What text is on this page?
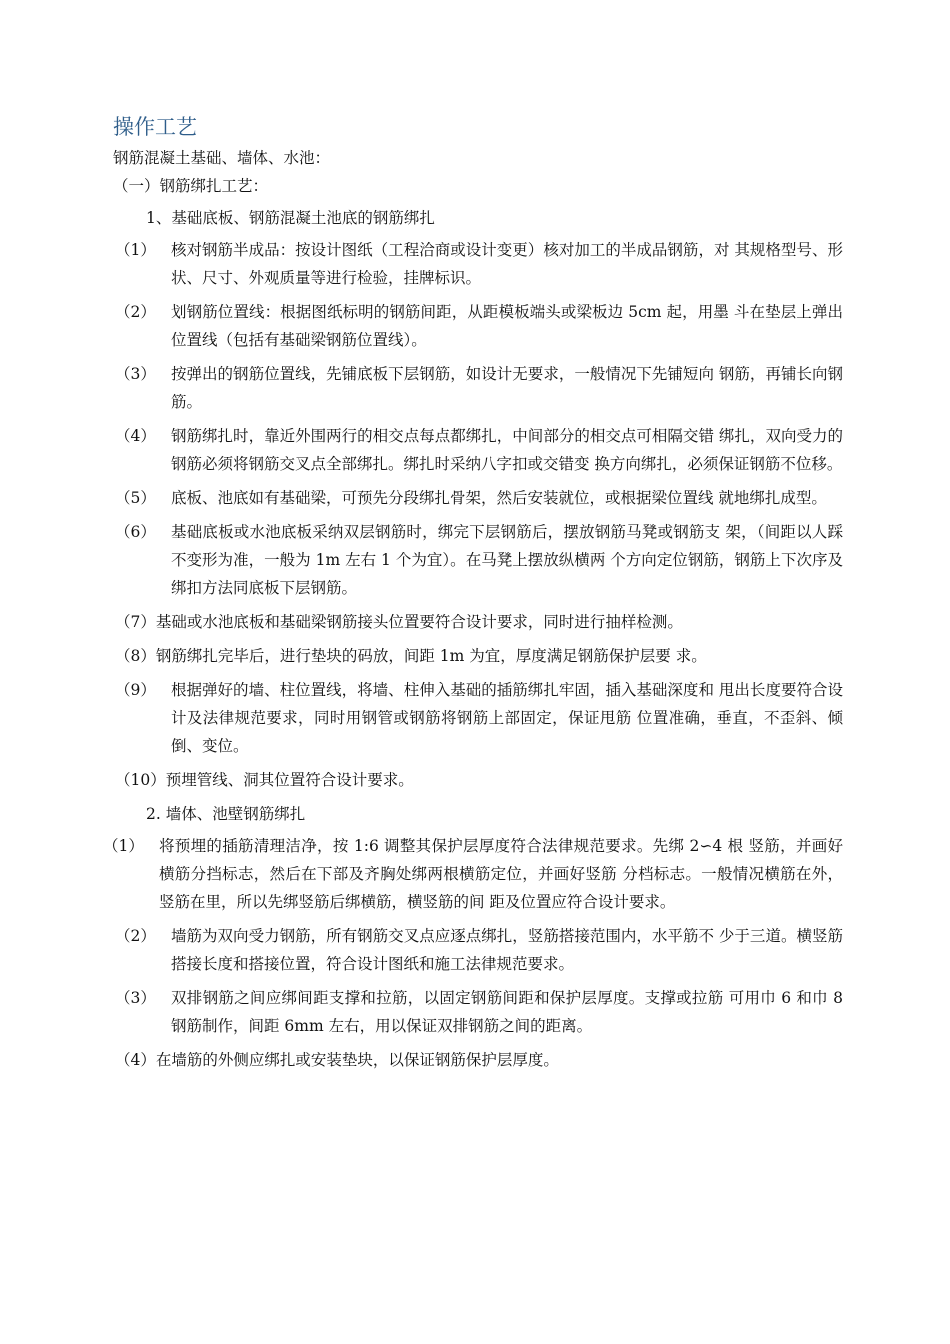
操作工艺
钢筋混凝土基础、墙体、水池：
（一）钢筋绑扎工艺：
1、基础底板、钢筋混凝土池底的钢筋绑扎
（1） 核对钢筋半成品：按设计图纸（工程洽商或设计变更）核对加工的半成品钢筋，对 其规格型号、形状、尺寸、外观质量等进行检验，挂牌标识。
（2） 划钢筋位置线：根据图纸标明的钢筋间距，从距模板端头或梁板边 5cm 起，用墨 斗在垫层上弹出位置线（包括有基础梁钢筋位置线）。
（3） 按弹出的钢筋位置线，先铺底板下层钢筋，如设计无要求，一般情况下先铺短向 钢筋，再铺长向钢筋。
（4） 钢筋绑扎时，靠近外围两行的相交点每点都绑扎，中间部分的相交点可相隔交错 绑扎，双向受力的钢筋必须将钢筋交叉点全部绑扎。绑扎时采纳八字扣或交错变 换方向绑扎，必须保证钢筋不位移。
（5） 底板、池底如有基础梁，可预先分段绑扎骨架，然后安装就位，或根据梁位置线 就地绑扎成型。
（6） 基础底板或水池底板采纳双层钢筋时，绑完下层钢筋后，摆放钢筋马凳或钢筋支 架，（间距以人踩不变形为准，一般为 1m 左右 1 个为宜）。在马凳上摆放纵横两 个方向定位钢筋，钢筋上下次序及绑扣方法同底板下层钢筋。
（7） 基础或水池底板和基础梁钢筋接头位置要符合设计要求，同时进行抽样检测。
（8） 钢筋绑扎完毕后，进行垫块的码放，间距 1m 为宜，厚度满足钢筋保护层要 求。
（9） 根据弹好的墙、柱位置线，将墙、柱伸入基础的插筋绑扎牢固，插入基础深度和 甩出长度要符合设计及法律规范要求，同时用钢管或钢筋将钢筋上部固定，保证甩筋 位置准确，垂直，不歪斜、倾倒、变位。
（10） 预埋管线、洞其位置符合设计要求。
2. 墙体、池壁钢筋绑扎
（1） 将预埋的插筋清理洁净，按 1:6 调整其保护层厚度符合法律规范要求。先绑 2∽4 根 竖筋，并画好横筋分挡标志，然后在下部及齐胸处绑两根横筋定位，并画好竖筋 分档标志。一般情况横筋在外，竖筋在里，所以先绑竖筋后绑横筋，横竖筋的间 距及位置应符合设计要求。
（2） 墙筋为双向受力钢筋，所有钢筋交叉点应逐点绑扎，竖筋搭接范围内，水平筋不 少于三道。横竖筋搭接长度和搭接位置，符合设计图纸和施工法律规范要求。
（3） 双排钢筋之间应绑间距支撑和拉筋，以固定钢筋间距和保护层厚度。支撑或拉筋 可用巾 6 和巾 8 钢筋制作，间距 6mm 左右，用以保证双排钢筋之间的距离。
（4） 在墙筋的外侧应绑扎或安装垫块，以保证钢筋保护层厚度。
